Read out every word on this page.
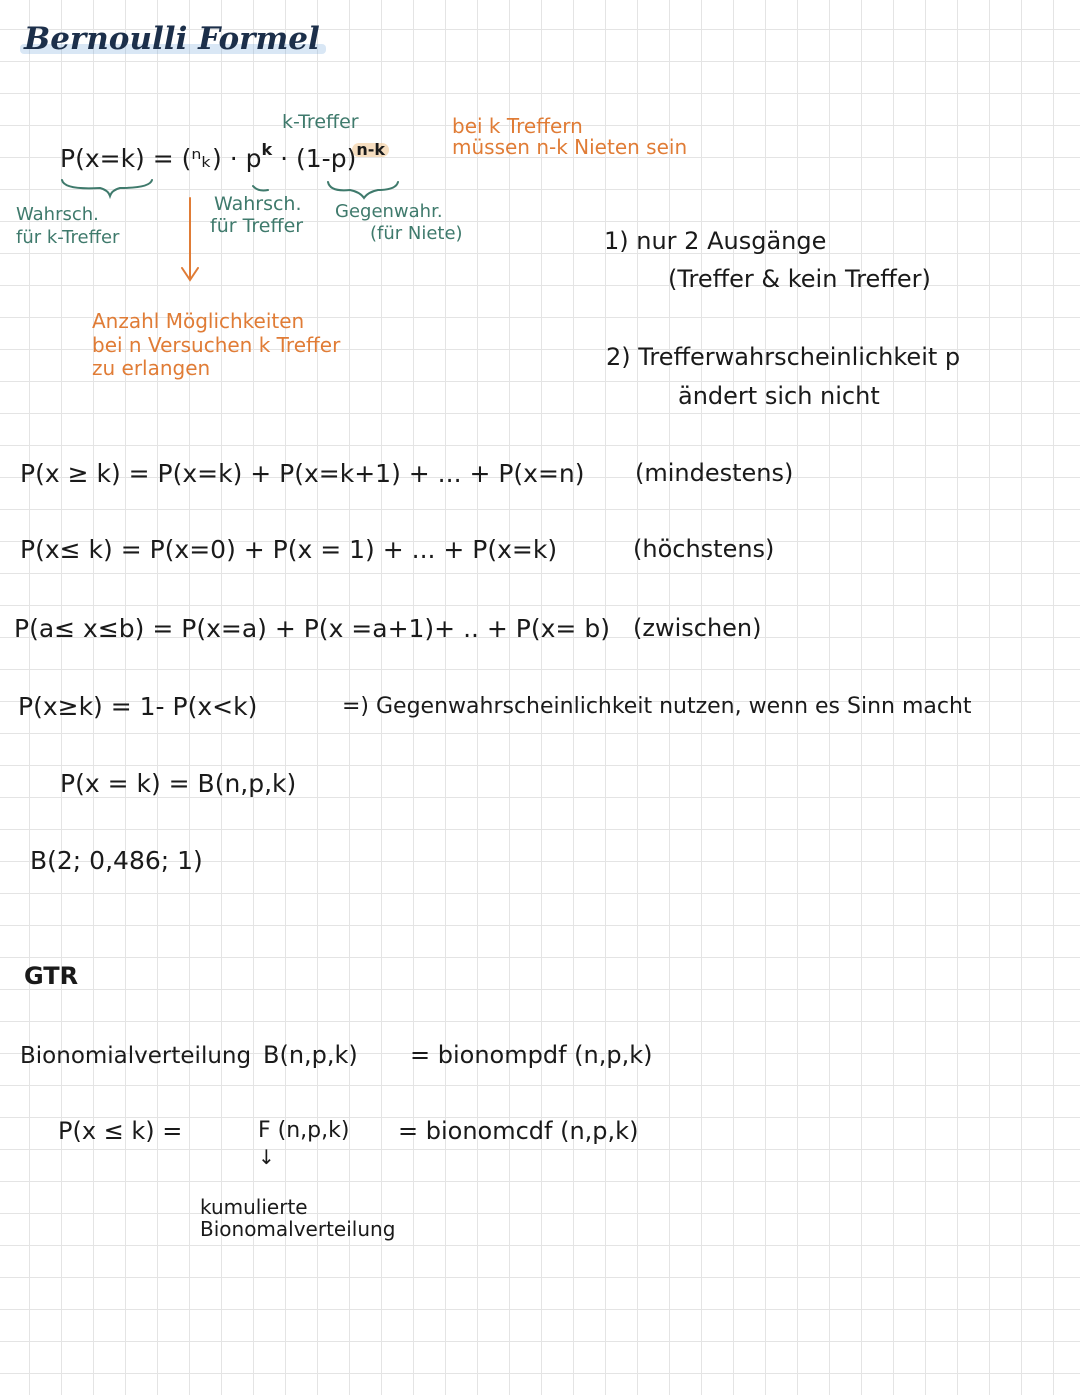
Bernoulli Formel
$P(x=k) = (^n_k) \cdot p^k \cdot (1-p)n-k$
k-Treffer	bei k Treffern
müssen n-k Nieten sein
Wahrsch.
für k-Treffer
Wahrsch.
für Treffer
Gegenwahr.
(für Niete)
Anzahl Möglichkeiten
bei n Versuchen k Treffer
zu erlangen
1) nur 2 Ausgänge
(Treffer & kein Treffer)
2) Trefferwahrscheinlichkeit p
ändert sich nicht
P(x ≥ k) = P(x=k) + P(x=k+1) + ... + P(x=n) (mindestens)
P(x≤ k) = P(x=0) + P(x = 1) + ... + P(x=k)	(höchstens)
P(a≤ x≤b) = P(x=a) + P(x =a+1)+ .. + P(x= b) (zwischen)
P(x≥k) = 1- P(x<k)	=) Gegenwahrscheinlichkeit nutzen, wenn es Sinn macht
P(x = k) = B(n,p,k)
B(2; 0,486; 1)
GTR
Bionomialverteilung B(n,p,k) = bionompdf (n,p,k)
P(x ≤ k) =	F (n,p,k) = bionomcdf (n,p,k)
↓
kumulierte
Bionomalverteilung
